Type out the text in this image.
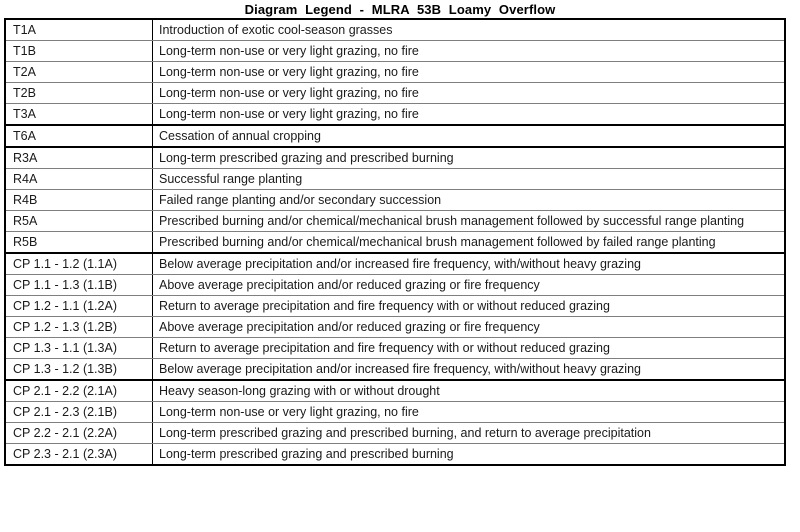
Diagram Legend - MLRA 53B Loamy Overflow
T1A	Introduction of exotic cool-season grasses
T1B	Long-term non-use or very light grazing, no fire
T2A	Long-term non-use or very light grazing, no fire
T2B	Long-term non-use or very light grazing, no fire
T3A	Long-term non-use or very light grazing, no fire
T6A	Cessation of annual cropping
R3A	Long-term prescribed grazing and prescribed burning
R4A	Successful range planting
R4B	Failed range planting and/or secondary succession
R5A	Prescribed burning and/or chemical/mechanical brush management followed by successful range planting
R5B	Prescribed burning and/or chemical/mechanical brush management followed by failed range planting
CP 1.1 - 1.2 (1.1A)	Below average precipitation and/or increased fire frequency, with/without heavy grazing
CP 1.1 - 1.3 (1.1B)	Above average precipitation and/or reduced grazing or fire frequency
CP 1.2 - 1.1 (1.2A)	Return to average precipitation and fire frequency with or without reduced grazing
CP 1.2 - 1.3 (1.2B)	Above average precipitation and/or reduced grazing or fire frequency
CP 1.3 - 1.1 (1.3A)	Return to average precipitation and fire frequency with or without reduced grazing
CP 1.3 - 1.2 (1.3B)	Below average precipitation and/or increased fire frequency, with/without heavy grazing
CP 2.1 - 2.2 (2.1A)	Heavy season-long grazing with or without drought
CP 2.1 - 2.3 (2.1B)	Long-term non-use or very light grazing, no fire
CP 2.2 - 2.1 (2.2A)	Long-term prescribed grazing and prescribed burning, and return to average precipitation
CP 2.3 - 2.1 (2.3A)	Long-term prescribed grazing and prescribed burning
